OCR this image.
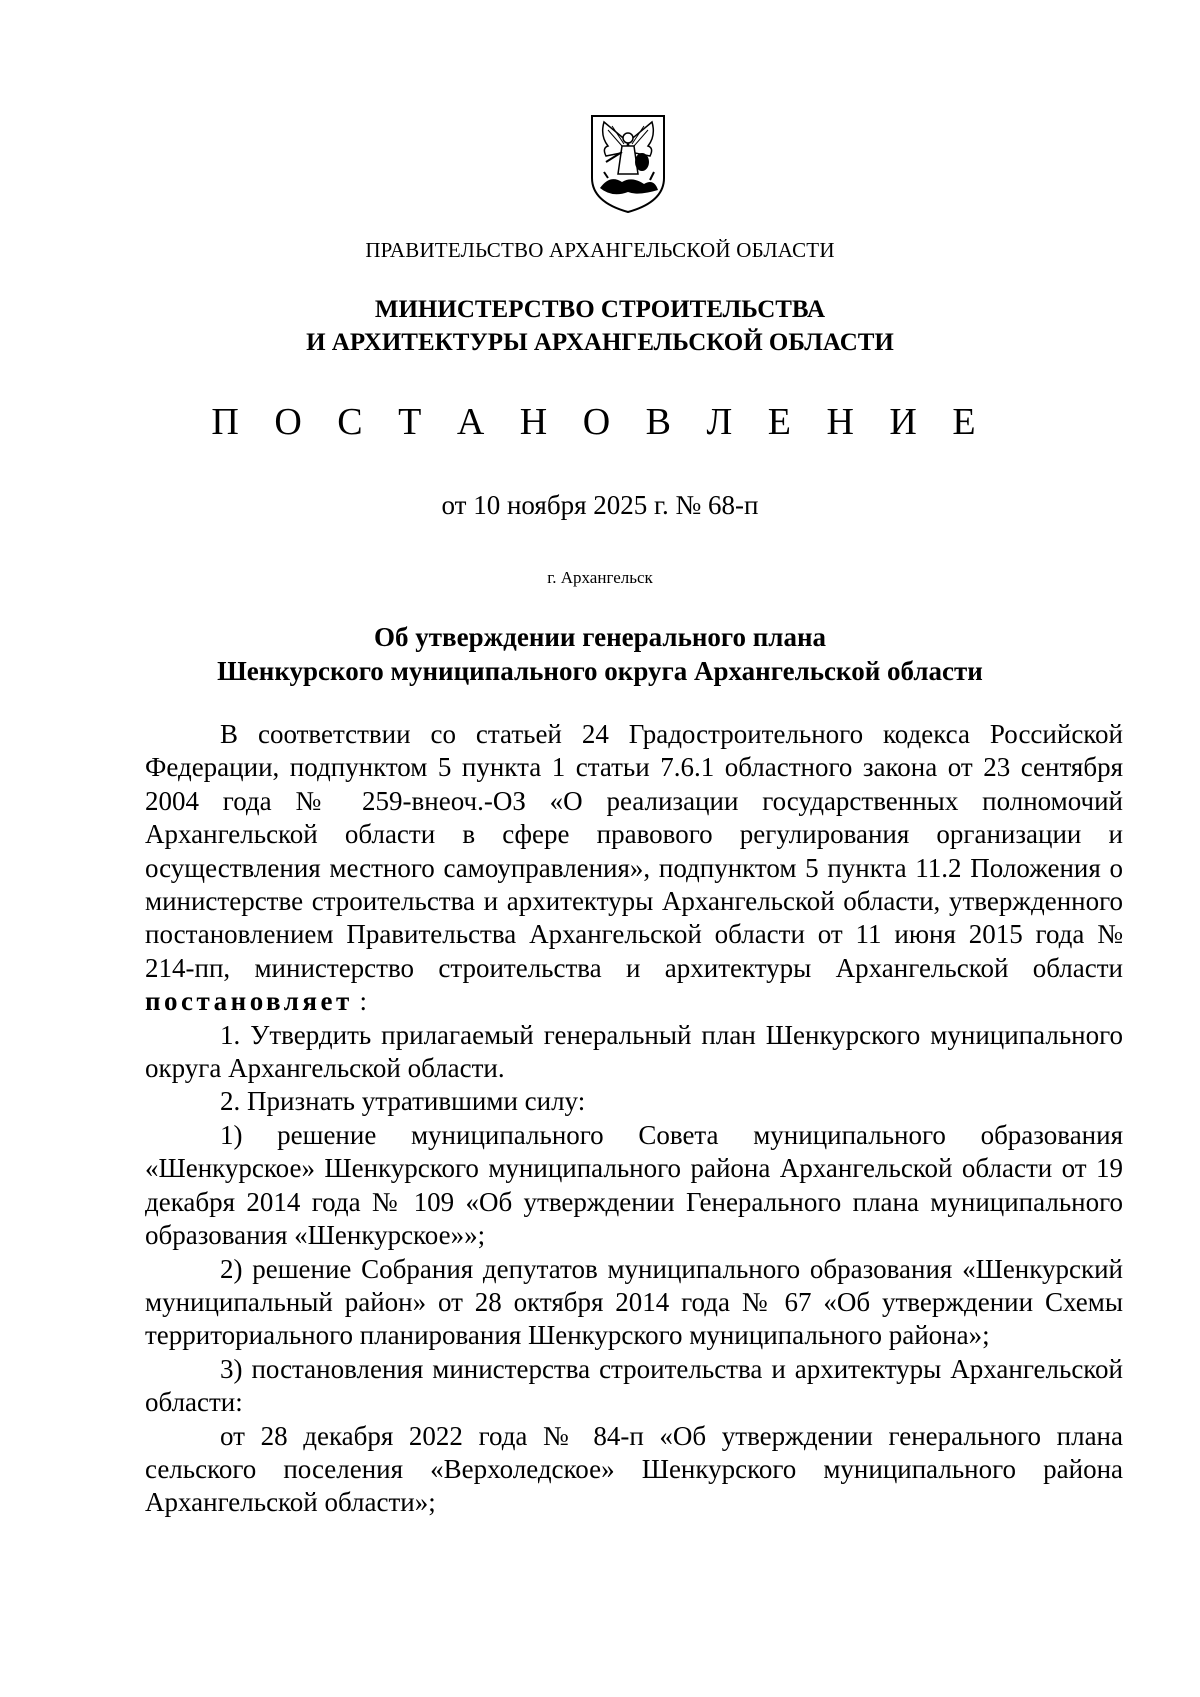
ПРАВИТЕЛЬСТВО АРХАНГЕЛЬСКОЙ ОБЛАСТИ
МИНИСТЕРСТВО СТРОИТЕЛЬСТВА
И АРХИТЕКТУРЫ АРХАНГЕЛЬСКОЙ ОБЛАСТИ
П О С Т А Н О В Л Е Н И Е
от 10 ноября 2025 г. № 68-п
г. Архангельск
Об утверждении генерального плана
Шенкурского муниципального округа Архангельской области

В соответствии со статьей 24 Градостроительного кодекса Российской Федерации, подпунктом 5 пункта 1 статьи 7.6.1 областного закона от 23 сентября 2004 года № 259-внеоч.-ОЗ «О реализации государственных полномочий Архангельской области в сфере правового регулирования организации и осуществления местного самоуправления», подпунктом 5 пункта 11.2 Положения о министерстве строительства и архитектуры Архангельской области, утвержденного постановлением Правительства Архангельской области от 11 июня 2015 года № 214-пп, министерство строительства и архитектуры Архангельской области постановляет :

1. Утвердить прилагаемый генеральный план Шенкурского муниципального округа Архангельской области.

2. Признать утратившими силу:

1) решение муниципального Совета муниципального образования «Шенкурское» Шенкурского муниципального района Архангельской области от 19 декабря 2014 года № 109 «Об утверждении Генерального плана муниципального образования «Шенкурское»»;

2) решение Собрания депутатов муниципального образования «Шенкурский муниципальный район» от 28 октября 2014 года № 67 «Об утверждении Схемы территориального планирования Шенкурского муниципального района»;

3) постановления министерства строительства и архитектуры Архангельской области:

от 28 декабря 2022 года № 84-п «Об утверждении генерального плана сельского поселения «Верхоледское» Шенкурского муниципального района Архангельской области»;
